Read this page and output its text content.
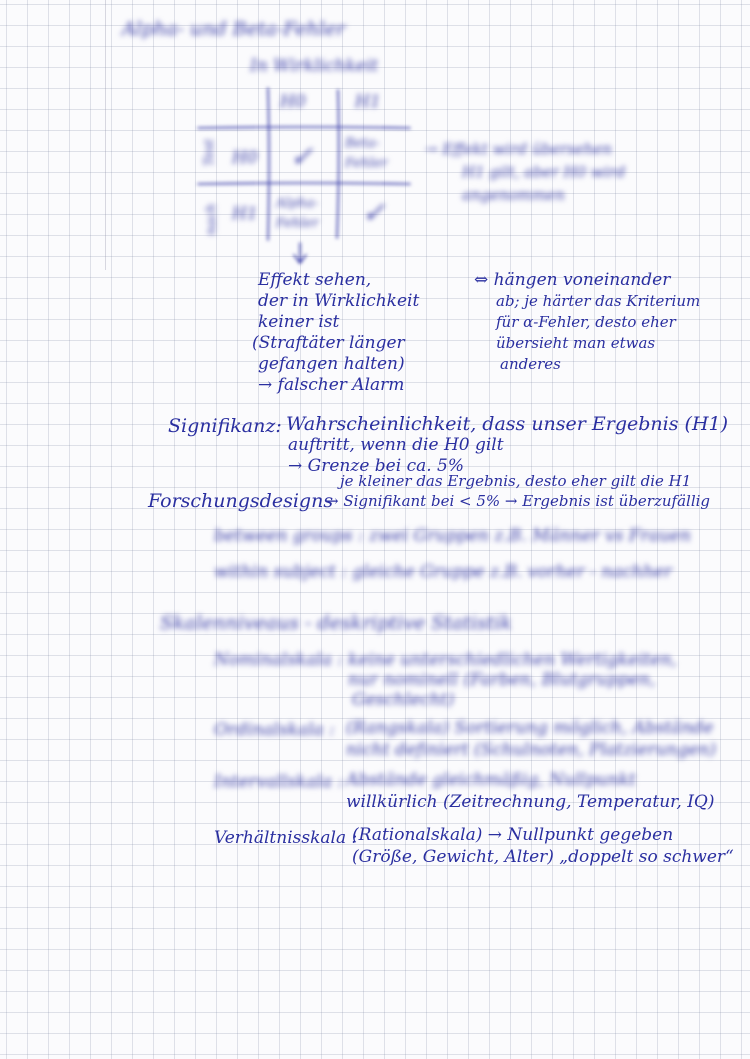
Alpha- und Beta-Fehler
In Wirklichkeit
H0	H1
Test
nach
H0
H1
✓ Beta-Fehler
Alpha-Fehler	✓
→ Effekt wird übersehen
H1 gilt, aber H0 wird
angenommen
Effekt sehen,
der in Wirklichkeit
keiner ist
(Straftäter länger
gefangen halten)
→ falscher Alarm
⇔ hängen voneinander
ab; je härter das Kriterium
für α-Fehler, desto eher
übersieht man etwas
anderes
Signifikanz: Wahrscheinlichkeit, dass unser Ergebnis (H1)
auftritt, wenn die H0 gilt
→ Grenze bei ca. 5%
je kleiner das Ergebnis, desto eher gilt die H1
→ Signifikant bei < 5% → Ergebnis ist überzufällig
Forschungsdesigns
between groups : zwei Gruppen z.B. Männer vs Frauen
within subject : gleiche Gruppe z.B. vorher - nachher
Skalenniveaus - deskriptive Statistik
Nominalskala : keine unterschiedlichen Wertigkeiten,
nur nominell (Farben, Blutgruppen,
Geschlecht)
Ordinalskala : (Rangskala) Sortierung möglich, Abstände
nicht definiert (Schulnoten, Platzierungen)
Intervallskala : Abstände gleichmäßig, Nullpunkt
willkürlich (Zeitrechnung, Temperatur, IQ)
Verhältnisskala :
(Rationalskala) → Nullpunkt gegeben
(Größe, Gewicht, Alter) „doppelt so schwer“
